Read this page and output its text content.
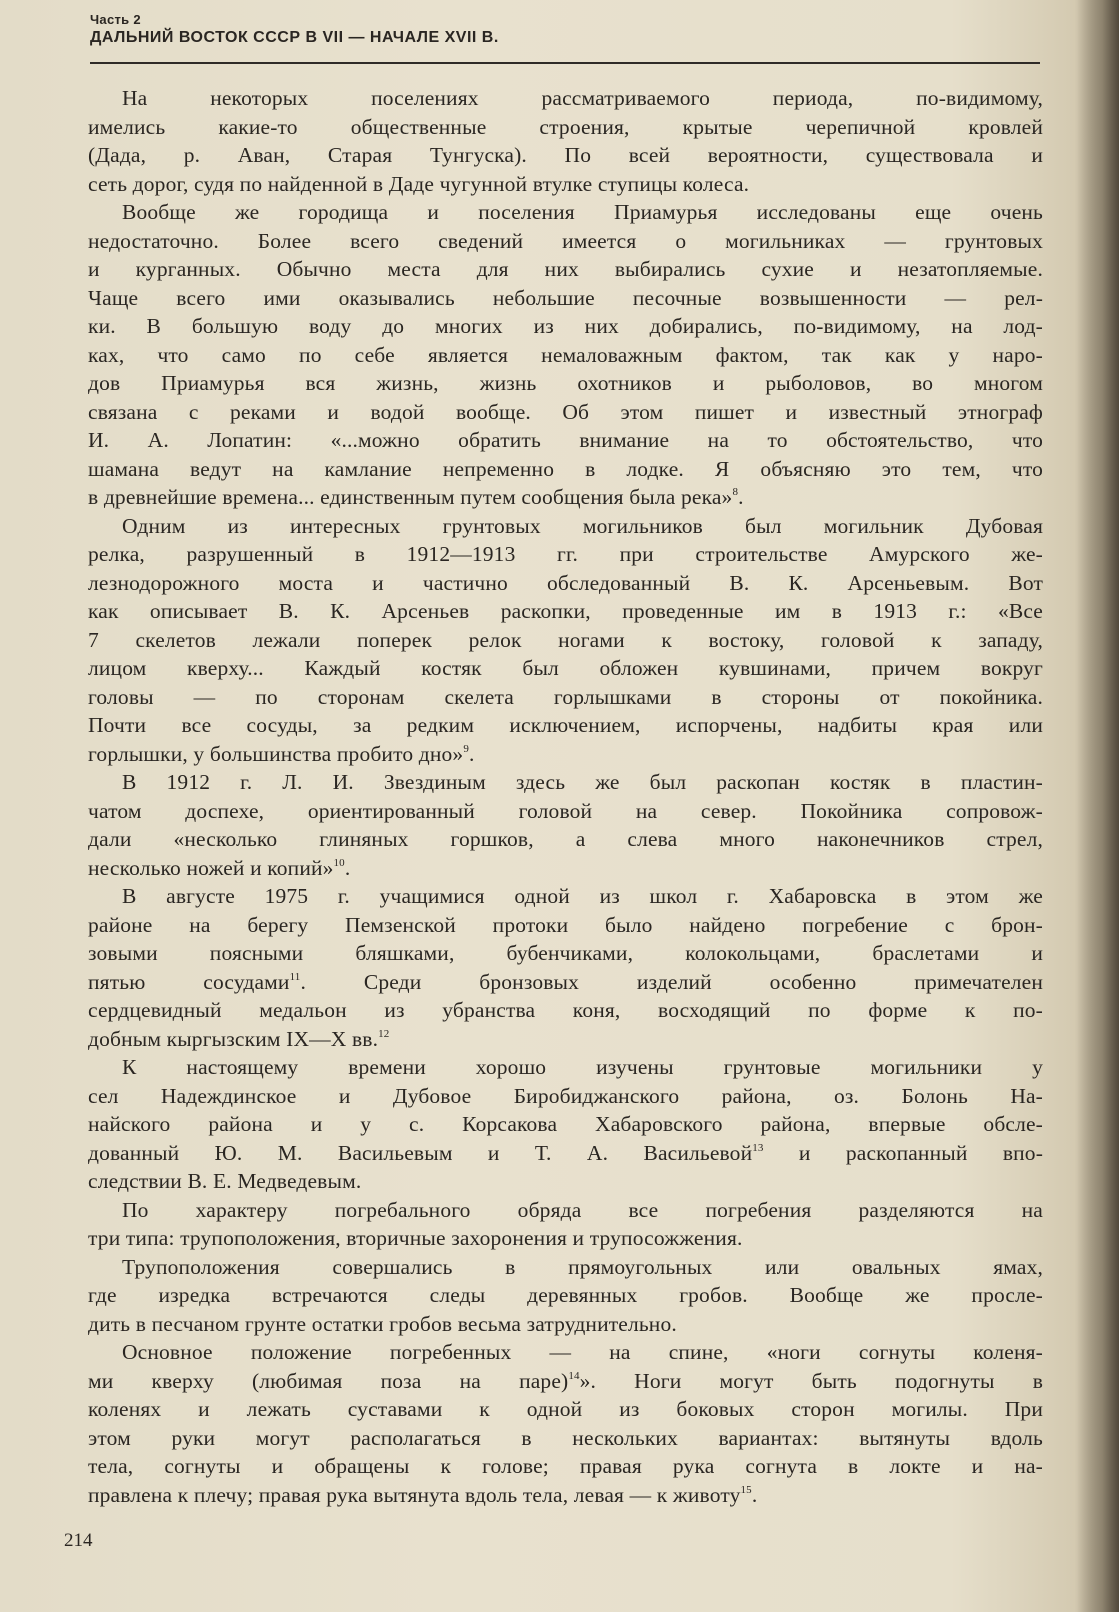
Часть 2
ДАЛЬНИЙ ВОСТОК СССР В VII — НАЧАЛЕ XVII В.
На некоторых поселениях рассматриваемого периода, по-видимому,
имелись какие-то общественные строения, крытые черепичной кровлей
(Дада, р. Аван, Старая Тунгуска). По всей вероятности, существовала и
сеть дорог, судя по найденной в Даде чугунной втулке ступицы колеса.
Вообще же городища и поселения Приамурья исследованы еще очень
недостаточно. Более всего сведений имеется о могильниках — грунтовых
и курганных. Обычно места для них выбирались сухие и незатопляемые.
Чаще всего ими оказывались небольшие песочные возвышенности — рел-
ки. В большую воду до многих из них добирались, по-видимому, на лод-
ках, что само по себе является немаловажным фактом, так как у наро-
дов Приамурья вся жизнь, жизнь охотников и рыболовов, во многом
связана с реками и водой вообще. Об этом пишет и известный этнограф
И. А. Лопатин: «...можно обратить внимание на то обстоятельство, что
шамана ведут на камлание непременно в лодке. Я объясняю это тем, что
в древнейшие времена... единственным путем сообщения была река»$^8$.
Одним из интересных грунтовых могильников был могильник Дубовая
релка, разрушенный в 1912—1913 гг. при строительстве Амурского же-
лезнодорожного моста и частично обследованный В. К. Арсеньевым. Вот
как описывает В. К. Арсеньев раскопки, проведенные им в 1913 г.: «Все
7 скелетов лежали поперек релок ногами к востоку, головой к западу,
лицом кверху... Каждый костяк был обложен кувшинами, причем вокруг
головы — по сторонам скелета горлышками в стороны от покойника.
Почти все сосуды, за редким исключением, испорчены, надбиты края или
горлышки, у большинства пробито дно»$^9$.
В 1912 г. Л. И. Звездиным здесь же был раскопан костяк в пластин-
чатом доспехе, ориентированный головой на север. Покойника сопровож-
дали «несколько глиняных горшков, а слева много наконечников стрел,
несколько ножей и копий»$^{10}$.
В августе 1975 г. учащимися одной из школ г. Хабаровска в этом же
районе на берегу Пемзенской протоки было найдено погребение с брон-
зовыми поясными бляшками, бубенчиками, колокольцами, браслетами и
пятью сосудами$^{11}$. Среди бронзовых изделий особенно примечателен
сердцевидный медальон из убранства коня, восходящий по форме к по-
добным кыргызским IX—X вв.$^{12}$
К настоящему времени хорошо изучены грунтовые могильники у
сел Надеждинское и Дубовое Биробиджанского района, оз. Болонь На-
найского района и у с. Корсакова Хабаровского района, впервые обсле-
дованный Ю. М. Васильевым и Т. А. Васильевой$^{13}$ и раскопанный впо-
следствии В. Е. Медведевым.
По характеру погребального обряда все погребения разделяются на
три типа: трупоположения, вторичные захоронения и трупосожжения.
Трупоположения совершались в прямоугольных или овальных ямах,
где изредка встречаются следы деревянных гробов. Вообще же просле-
дить в песчаном грунте остатки гробов весьма затруднительно.
Основное положение погребенных — на спине, «ноги согнуты коленя-
ми кверху (любимая поза на паре)$^{14}$». Ноги могут быть подогнуты в
коленях и лежать суставами к одной из боковых сторон могилы. При
этом руки могут располагаться в нескольких вариантах: вытянуты вдоль
тела, согнуты и обращены к голове; правая рука согнута в локте и на-
правлена к плечу; правая рука вытянута вдоль тела, левая — к животу$^{15}$.
214
